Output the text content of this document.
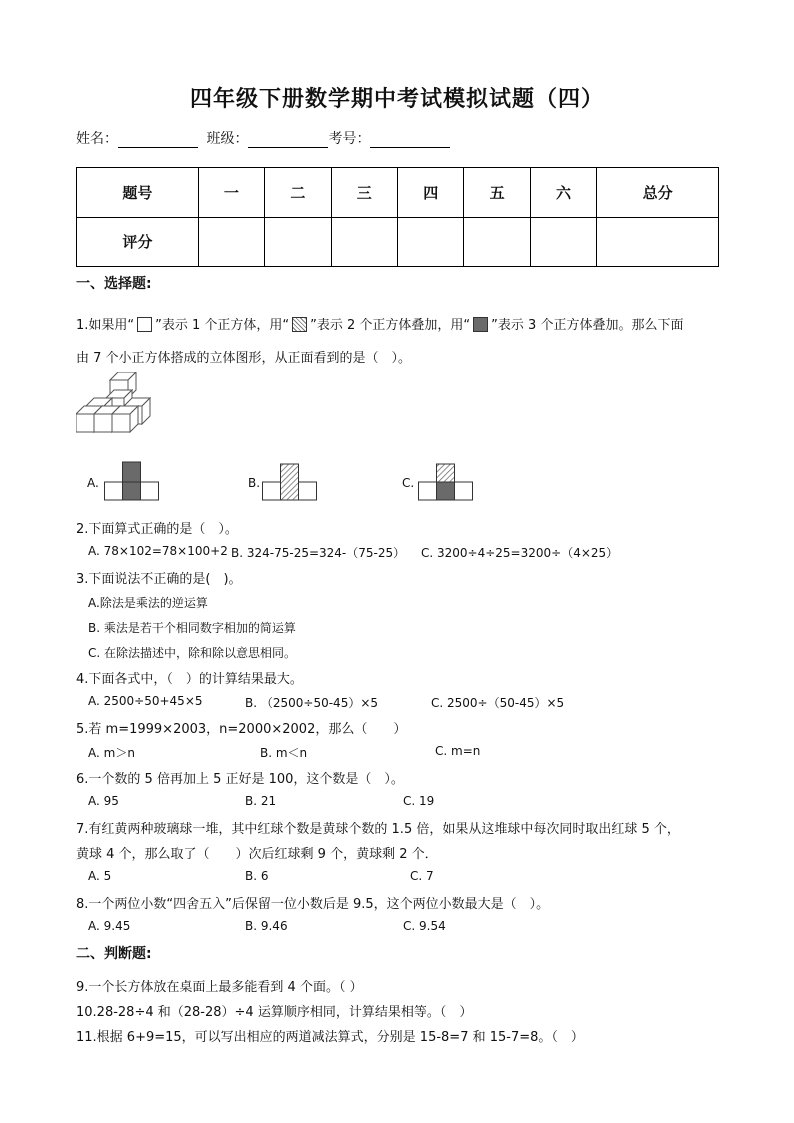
四年级下册数学期中考试模拟试题（四）
姓名：	班级：	考号：
题号	一	二	三	四	五	六	总分
评分							
一、选择题:
1.如果用“ ”表示 1 个正方体，用“ ”表示 2 个正方体叠加，用“ ”表示 3 个正方体叠加。那么下面
由 7 个小正方体搭成的立体图形，从正面看到的是（　）。
A.	B.	C.
2.下面算式正确的是（　）。
A. 78×102=78×100+2 B. 324-75-25=324-（75-25） C. 3200÷4÷25=3200÷（4×25）
3.下面说法不正确的是(　)。
A.除法是乘法的逆运算
B. 乘法是若干个相同数字相加的简运算
C. 在除法描述中，除和除以意思相同。
4.下面各式中，（　）的计算结果最大。
A. 2500÷50+45×5	B. （2500÷50-45）×5	C. 2500÷（50-45）×5
5.若 m=1999×2003，n=2000×2002，那么（　　）
A. m＞n	B. m＜n	C. m=n
6.一个数的 5 倍再加上 5 正好是 100，这个数是（　）。
A. 95	B. 21	C. 19
7.有红黄两种玻璃球一堆，其中红球个数是黄球个数的 1.5 倍，如果从这堆球中每次同时取出红球 5 个，
黄球 4 个，那么取了（　　）次后红球剩 9 个，黄球剩 2 个．
A. 5	B. 6	C. 7
8.一个两位小数“四舍五入”后保留一位小数后是 9.5，这个两位小数最大是（　）。
A. 9.45	B. 9.46	C. 9.54
二、判断题:
9.一个长方体放在桌面上最多能看到 4 个面。（ ）
10.28-28÷4 和（28-28）÷4 运算顺序相同，计算结果相等。（　）
11.根据 6+9=15，可以写出相应的两道减法算式，分别是 15-8=7 和 15-7=8。（　）
